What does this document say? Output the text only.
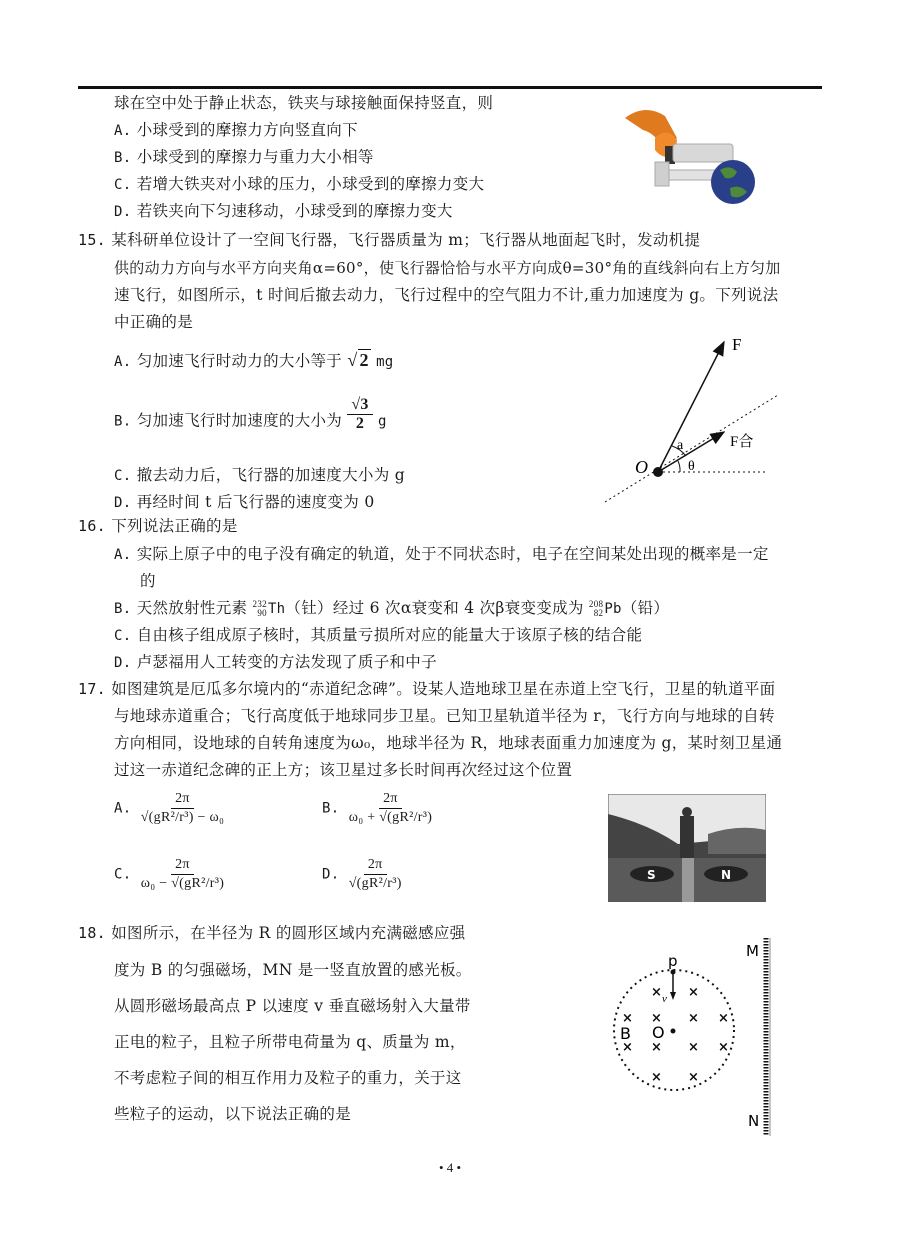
球在空中处于静止状态，铁夹与球接触面保持竖直，则
A. 小球受到的摩擦力方向竖直向下
B. 小球受到的摩擦力与重力大小相等
C. 若增大铁夹对小球的压力，小球受到的摩擦力变大
D. 若铁夹向下匀速移动，小球受到的摩擦力变大
15. 某科研单位设计了一空间飞行器，飞行器质量为 m；飞行器从地面起飞时，发动机提
供的动力方向与水平方向夹角α=60°，使飞行器恰恰与水平方向成θ=30°角的直线斜向右上方匀加
速飞行，如图所示，t 时间后撤去动力，飞行过程中的空气阻力不计,重力加速度为 g。下列说法
中正确的是
A. 匀加速飞行时动力的大小等于 √ 2 mg
B. 匀加速飞行时加速度的大小为 $\frac{√3}{2}$ g
C. 撤去动力后，飞行器的加速度大小为 g
D. 再经时间 t 后飞行器的速度变为 0
F
F合
O
a
θ
16. 下列说法正确的是
A. 实际上原子中的电子没有确定的轨道，处于不同状态时，电子在空间某处出现的概率是一定
的
B. 天然放射性元素 232
90 Th（钍）经过 6 次α衰变和 4 次β衰变变成为 208
82 Pb（铅）
C. 自由核子组成原子核时，其质量亏损所对应的能量大于该原子核的结合能
D. 卢瑟福用人工转变的方法发现了质子和中子
17. 如图建筑是厄瓜多尔境内的“赤道纪念碑”。设某人造地球卫星在赤道上空飞行，卫星的轨道平面
与地球赤道重合；飞行高度低于地球同步卫星。已知卫星轨道半径为 r，飞行方向与地球的自转
方向相同，设地球的自转角速度为ω₀，地球半径为 R，地球表面重力加速度为 g，某时刻卫星通
过这一赤道纪念碑的正上方；该卫星过多长时间再次经过这个位置
A. $\frac{2\pi}{\text{√(gR²/r³) − ω₀}}$	B. $\frac{2\pi}{\text{ω₀ + √(gR²/r³)}}$
C. $\frac{2\pi}{\text{ω₀ − √(gR²/r³)}}$	D. $\frac{2\pi}{\text{√(gR²/r³)}}$	S	N
18. 如图所示，在半径为 R 的圆形区域内充满磁感应强
度为 B 的匀强磁场，MN 是一竖直放置的感光板。
从圆形磁场最高点 P 以速度 v 垂直磁场射入大量带
正电的粒子，且粒子所带电荷量为 q、质量为 m，
不考虑粒子间的相互作用力及粒子的重力，关于这
些粒子的运动，以下说法正确的是
× ×
× × × ×
× × × ×
× ×
p
v
B O
M
N
• 4 •
